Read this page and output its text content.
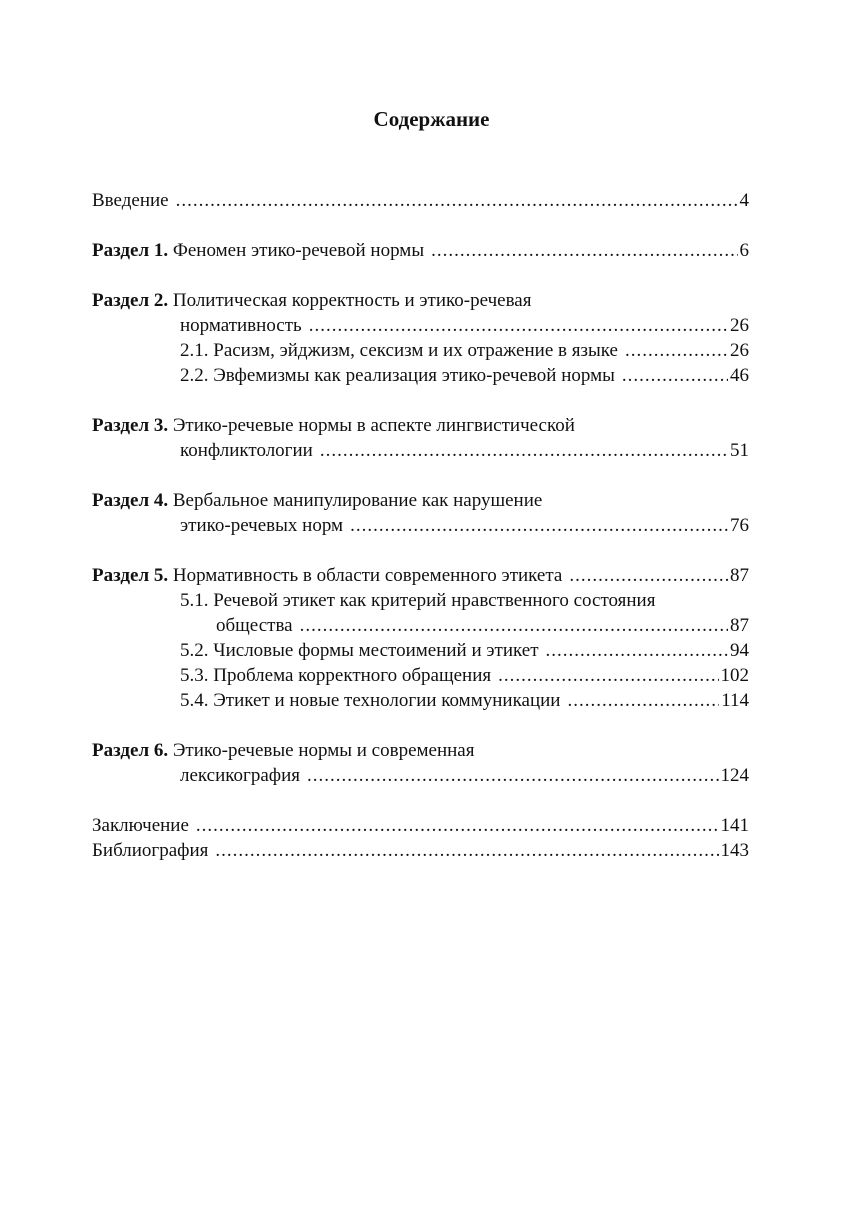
Содержание
Введение .....	4
Раздел 1. Феномен этико-речевой нормы .....	6
Раздел 2. Политическая корректность и этико-речевая
нормативность .....	26
2.1. Расизм, эйджизм, сексизм и их отражение в языке .....	26
2.2. Эвфемизмы как реализация этико-речевой нормы .....	46
Раздел 3. Этико-речевые нормы в аспекте лингвистической
конфликтологии .....	51
Раздел 4. Вербальное манипулирование как нарушение
этико-речевых норм .....	76
Раздел 5. Нормативность в области современного этикета .....	87
5.1. Речевой этикет как критерий нравственного состояния
общества .....	87
5.2. Числовые формы местоимений и этикет .....	94
5.3. Проблема корректного обращения .....	102
5.4. Этикет и новые технологии коммуникации .....	114
Раздел 6. Этико-речевые нормы и современная
лексикография .....	124
Заключение .....	141
Библиография .....	143
